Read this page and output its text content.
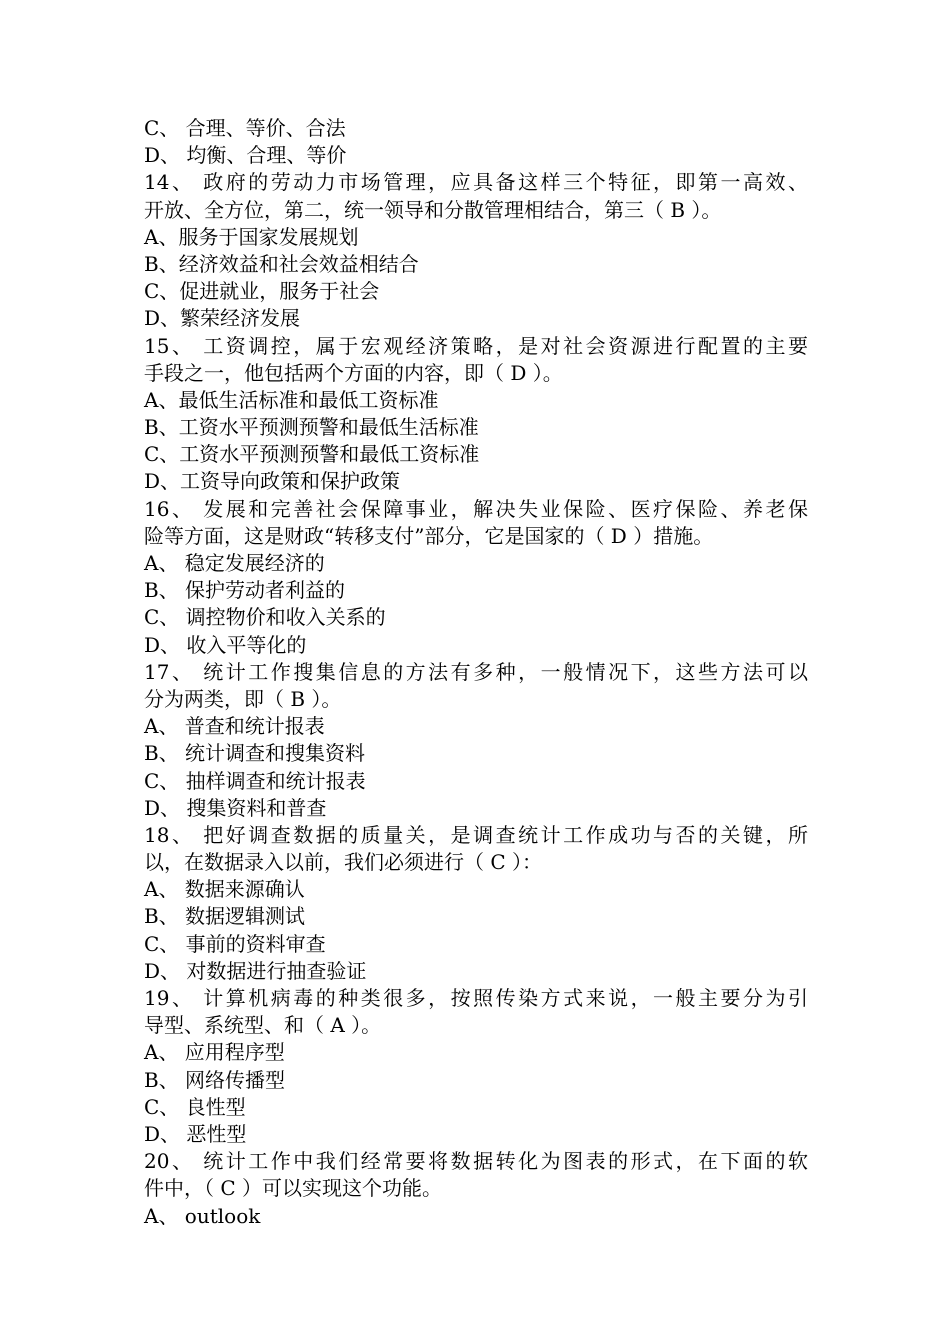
C、 合理、等价、合法
D、 均衡、合理、等价
14、 政府的劳动力市场管理，应具备这样三个特征，即第一高效、
开放、全方位，第二，统一领导和分散管理相结合，第三（ B ）。
A、服务于国家发展规划
B、经济效益和社会效益相结合
C、促进就业，服务于社会
D、繁荣经济发展
15、 工资调控，属于宏观经济策略，是对社会资源进行配置的主要
手段之一，他包括两个方面的内容，即（ D ）。
A、最低生活标准和最低工资标准
B、工资水平预测预警和最低生活标准
C、工资水平预测预警和最低工资标准
D、工资导向政策和保护政策
16、 发展和完善社会保障事业，解决失业保险、医疗保险、养老保
险等方面，这是财政“转移支付”部分，它是国家的（ D ）措施。
A、 稳定发展经济的
B、 保护劳动者利益的
C、 调控物价和收入关系的
D、 收入平等化的
17、 统计工作搜集信息的方法有多种，一般情况下，这些方法可以
分为两类，即（ B ）。
A、 普查和统计报表
B、 统计调查和搜集资料
C、 抽样调查和统计报表
D、 搜集资料和普查
18、 把好调查数据的质量关，是调查统计工作成功与否的关键，所
以，在数据录入以前，我们必须进行（ C ）：
A、 数据来源确认
B、 数据逻辑测试
C、 事前的资料审查
D、 对数据进行抽查验证
19、 计算机病毒的种类很多，按照传染方式来说，一般主要分为引
导型、系统型、和（ A ）。
A、 应用程序型
B、 网络传播型
C、 良性型
D、 恶性型
20、 统计工作中我们经常要将数据转化为图表的形式，在下面的软
件中，（ C ）可以实现这个功能。
A、 outlook
